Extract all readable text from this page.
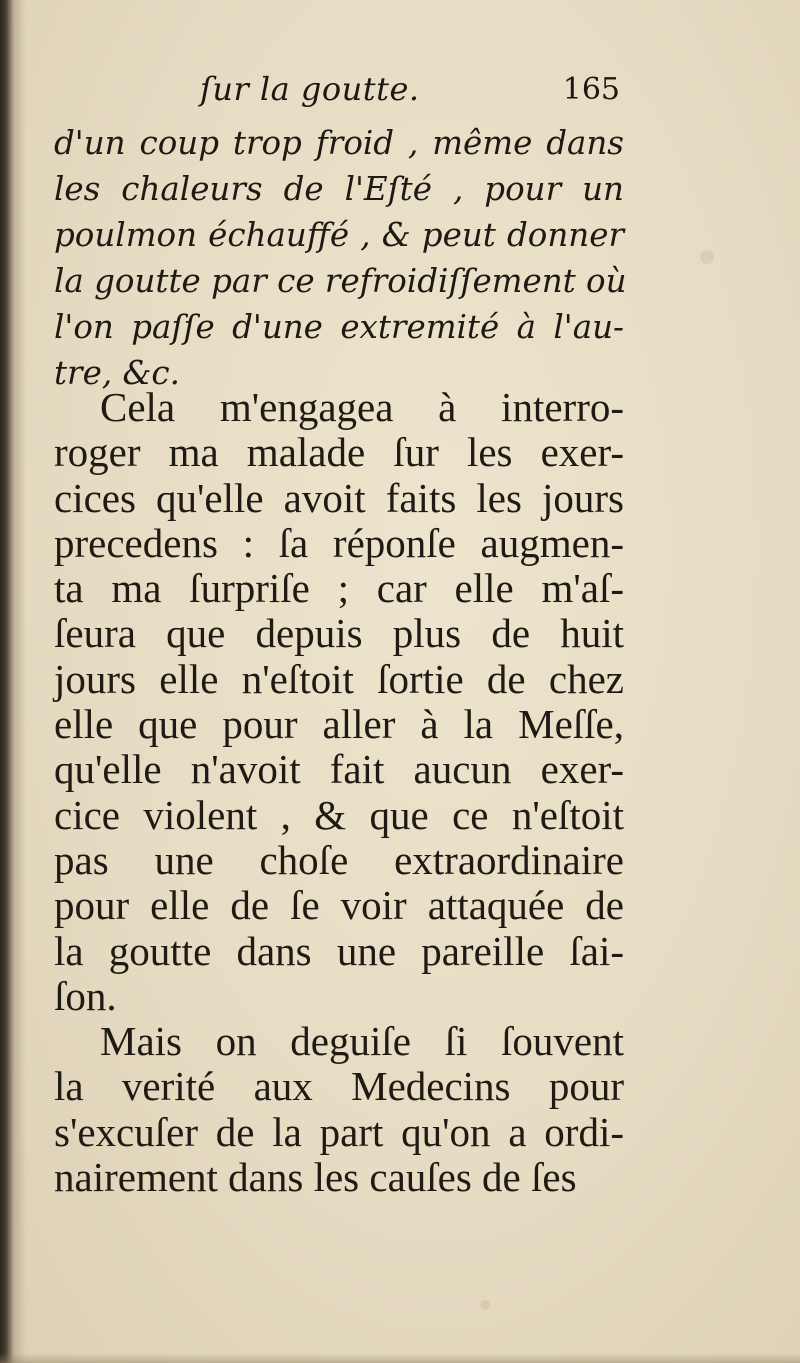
ſur la goutte.	165
d'un coup trop froid , même dans
les chaleurs de l'Eſté , pour un
poulmon échauffé , & peut donner
la goutte par ce refroidiſſement où
l'on paſſe d'une extremité à l'au-
tre, &c.
Cela m'engagea à interro-
roger ma malade ſur les exer-
cices qu'elle avoit faits les jours
precedens : ſa réponſe augmen-
ta ma ſurpriſe ; car elle m'aſ-
ſeura que depuis plus de huit
jours elle n'eſtoit ſortie de chez
elle que pour aller à la Meſſe,
qu'elle n'avoit fait aucun exer-
cice violent , & que ce n'eſtoit
pas une choſe extraordinaire
pour elle de ſe voir attaquée de
la goutte dans une pareille ſai-
ſon.
Mais on deguiſe ſi ſouvent
la verité aux Medecins pour
s'excuſer de la part qu'on a ordi-
nairement dans les cauſes de ſes
